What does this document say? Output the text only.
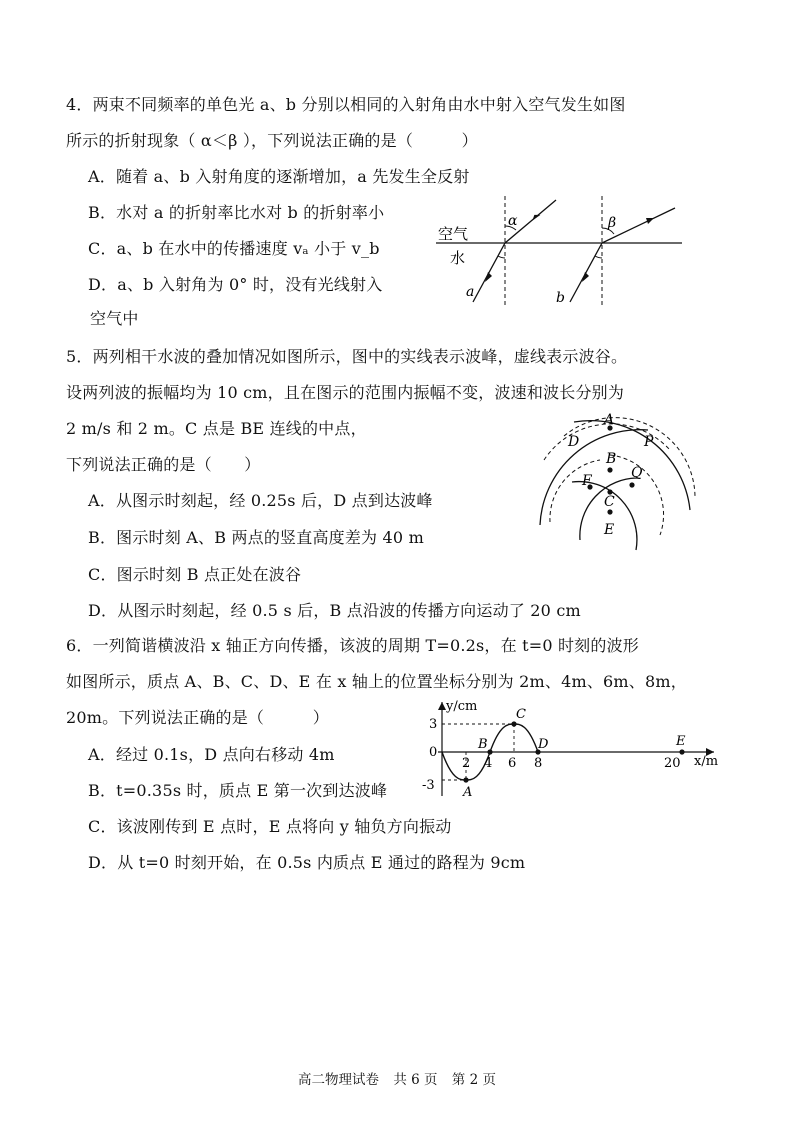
4．两束不同频率的单色光 a、b 分别以相同的入射角由水中射入空气发生如图
所示的折射现象（ α＜β ），下列说法正确的是（　　　）
A．随着 a、b 入射角度的逐渐增加，a 先发生全反射
B．水对 a 的折射率比水对 b 的折射率小
C．a、b 在水中的传播速度 vₐ 小于 v_b
D．a、b 入射角为 0° 时，没有光线射入
空气中
空气
水
a	b
α	β
5．两列相干水波的叠加情况如图所示，图中的实线表示波峰，虚线表示波谷。
设两列波的振幅均为 10 cm，且在图示的范围内振幅不变，波速和波长分别为
2 m/s 和 2 m。C 点是 BE 连线的中点，
下列说法正确的是（　　）
A．从图示时刻起，经 0.25s 后，D 点到达波峰
B．图示时刻 A、B 两点的竖直高度差为 40 m
C．图示时刻 B 点正处在波谷
D．从图示时刻起，经 0.5 s 后，B 点沿波的传播方向运动了 20 cm
A
D	P
B
Q
F
C
E
6．一列简谐横波沿 x 轴正方向传播，该波的周期 T=0.2s，在 t=0 时刻的波形
如图所示，质点 A、B、C、D、E 在 x 轴上的位置坐标分别为 2m、4m、6m、8m，
20m。下列说法正确的是（　　　）
A．经过 0.1s，D 点向右移动 4m
B．t=0.35s 时，质点 E 第一次到达波峰
C．该波刚传到 E 点时，E 点将向 y 轴负方向振动
D．从 t=0 时刻开始，在 0.5s 内质点 E 通过的路程为 9cm
y/cm
x/m
3
0
-3
2 4 6 8	20
A
B
C
D	E
高二物理试卷 共 6 页 第 2 页
